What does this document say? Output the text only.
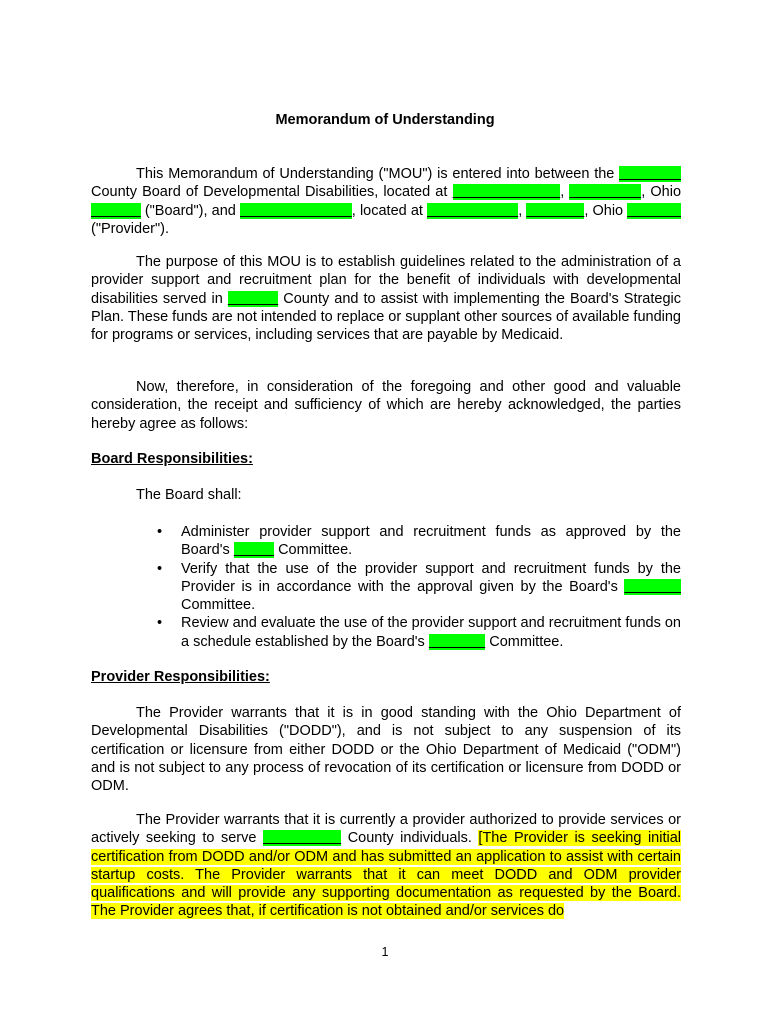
Memorandum of Understanding

This Memorandum of Understanding ("MOU") is entered into between the               County Board of Developmental Disabilities, located at	,	, Ohio              ("Board"), and	, located at	,	, Ohio               ("Provider").

The purpose of this MOU is to establish guidelines related to the administration of a provider support and recruitment plan for the benefit of individuals with developmental disabilities served in	County and to assist with implementing the Board's Strategic Plan. These funds are not intended to replace or supplant other sources of available funding for programs or services, including services that are payable by Medicaid.

Now, therefore, in consideration of the foregoing and other good and valuable consideration, the receipt and sufficiency of which are hereby acknowledged, the parties hereby agree as follows:

Board Responsibilities:

The Board shall:

• Administer provider support and recruitment funds as approved by the Board's	Committee.
• Verify that the use of the provider support and recruitment funds by the Provider is in accordance with the approval given by the Board's           Committee.
• Review and evaluate the use of the provider support and recruitment funds on a schedule established by the Board's	Committee.

Provider Responsibilities:

The Provider warrants that it is in good standing with the Ohio Department of Developmental Disabilities ("DODD"), and is not subject to any suspension of its certification or licensure from either DODD or the Ohio Department of Medicaid ("ODM") and is not subject to any process of revocation of its certification or licensure from DODD or ODM.

The Provider warrants that it is currently a provider authorized to provide services or actively seeking to serve	County individuals. [The Provider is seeking initial certification from DODD and/or ODM and has submitted an application to assist with certain startup costs. The Provider warrants that it can meet DODD and ODM provider qualifications and will provide any supporting documentation as requested by the Board. The Provider agrees that, if certification is not obtained and/or services do

1
